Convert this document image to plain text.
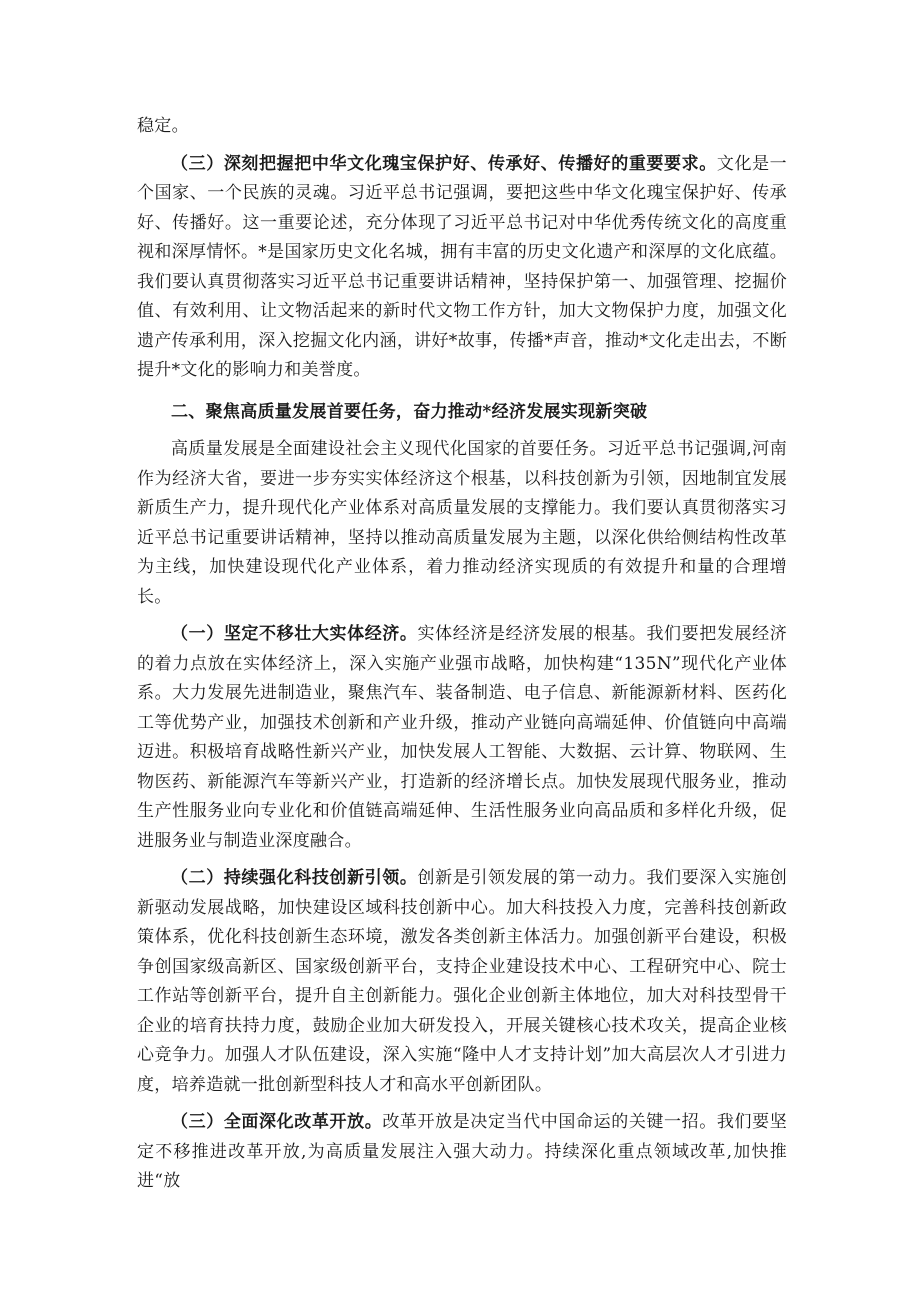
稳定。

（三）深刻把握把中华文化瑰宝保护好、传承好、传播好的重要要求。文化是一个国家、一个民族的灵魂。习近平总书记强调，要把这些中华文化瑰宝保护好、传承好、传播好。这一重要论述，充分体现了习近平总书记对中华优秀传统文化的高度重视和深厚情怀。*是国家历史文化名城，拥有丰富的历史文化遗产和深厚的文化底蕴。我们要认真贯彻落实习近平总书记重要讲话精神，坚持保护第一、加强管理、挖掘价值、有效利用、让文物活起来的新时代文物工作方针，加大文物保护力度，加强文化遗产传承利用，深入挖掘文化内涵，讲好*故事，传播*声音，推动*文化走出去，不断提升*文化的影响力和美誉度。

二、聚焦高质量发展首要任务，奋力推动*经济发展实现新突破

高质量发展是全面建设社会主义现代化国家的首要任务。习近平总书记强调,河南作为经济大省，要进一步夯实实体经济这个根基，以科技创新为引领，因地制宜发展新质生产力，提升现代化产业体系对高质量发展的支撑能力。我们要认真贯彻落实习近平总书记重要讲话精神，坚持以推动高质量发展为主题，以深化供给侧结构性改革为主线，加快建设现代化产业体系，着力推动经济实现质的有效提升和量的合理增长。

（一）坚定不移壮大实体经济。实体经济是经济发展的根基。我们要把发展经济的着力点放在实体经济上，深入实施产业强市战略，加快构建“135N”现代化产业体系。大力发展先进制造业，聚焦汽车、装备制造、电子信息、新能源新材料、医药化工等优势产业，加强技术创新和产业升级，推动产业链向高端延伸、价值链向中高端迈进。积极培育战略性新兴产业，加快发展人工智能、大数据、云计算、物联网、生物医药、新能源汽车等新兴产业，打造新的经济增长点。加快发展现代服务业，推动生产性服务业向专业化和价值链高端延伸、生活性服务业向高品质和多样化升级，促进服务业与制造业深度融合。

（二）持续强化科技创新引领。创新是引领发展的第一动力。我们要深入实施创新驱动发展战略，加快建设区域科技创新中心。加大科技投入力度，完善科技创新政策体系，优化科技创新生态环境，激发各类创新主体活力。加强创新平台建设，积极争创国家级高新区、国家级创新平台，支持企业建设技术中心、工程研究中心、院士工作站等创新平台，提升自主创新能力。强化企业创新主体地位，加大对科技型骨干企业的培育扶持力度，鼓励企业加大研发投入，开展关键核心技术攻关，提高企业核心竞争力。加强人才队伍建设，深入实施“隆中人才支持计划”加大高层次人才引进力度，培养造就一批创新型科技人才和高水平创新团队。

（三）全面深化改革开放。改革开放是决定当代中国命运的关键一招。我们要坚定不移推进改革开放,为高质量发展注入强大动力。持续深化重点领域改革,加快推进“放
